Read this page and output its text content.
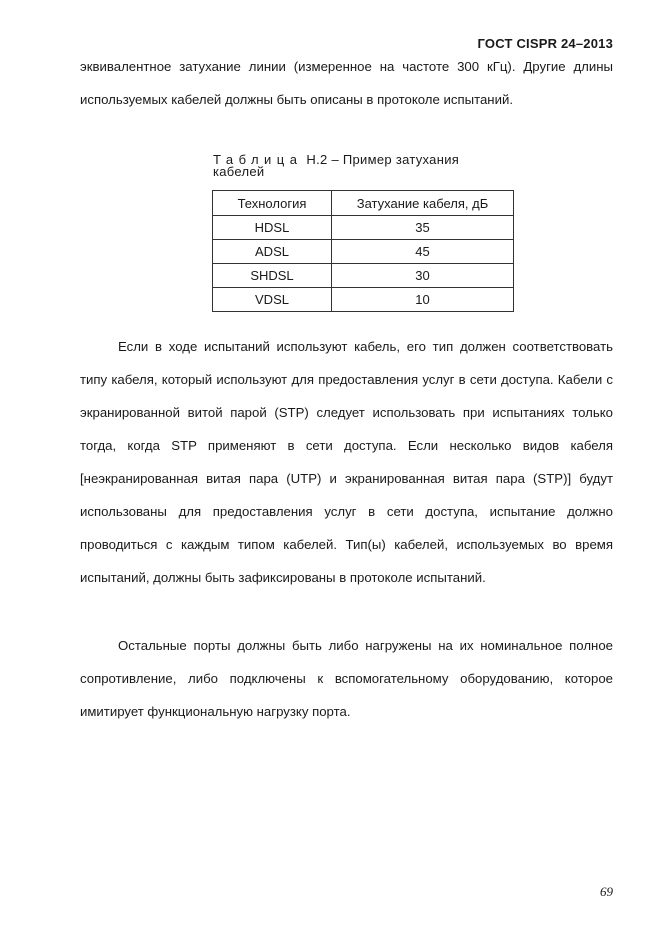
ГОСТ CISPR 24–2013

эквивалентное затухание линии (измеренное на частоте 300 кГц). Другие длины используемых кабелей должны быть описаны в протоколе испытаний.

Таблица Н.2 – Пример затухания кабелей
Технология	Затухание кабеля, дБ
HDSL	35
ADSL	45
SHDSL	30
VDSL	10

Если в ходе испытаний используют кабель, его тип должен соответствовать типу кабеля, который используют для предоставления услуг в сети доступа. Кабели с экранированной витой парой (STP) следует использовать при испытаниях только тогда, когда STP применяют в сети доступа. Если несколько видов кабеля [неэкранированная витая пара (UTP) и экранированная витая пара (STP)] будут использованы для предоставления услуг в сети доступа, испытание должно проводиться с каждым типом кабелей. Тип(ы) кабелей, используемых во время испытаний, должны быть зафиксированы в протоколе испытаний.

Остальные порты должны быть либо нагружены на их номинальное полное сопротивление, либо подключены к вспомогательному оборудованию, которое имитирует функциональную нагрузку порта.

69
